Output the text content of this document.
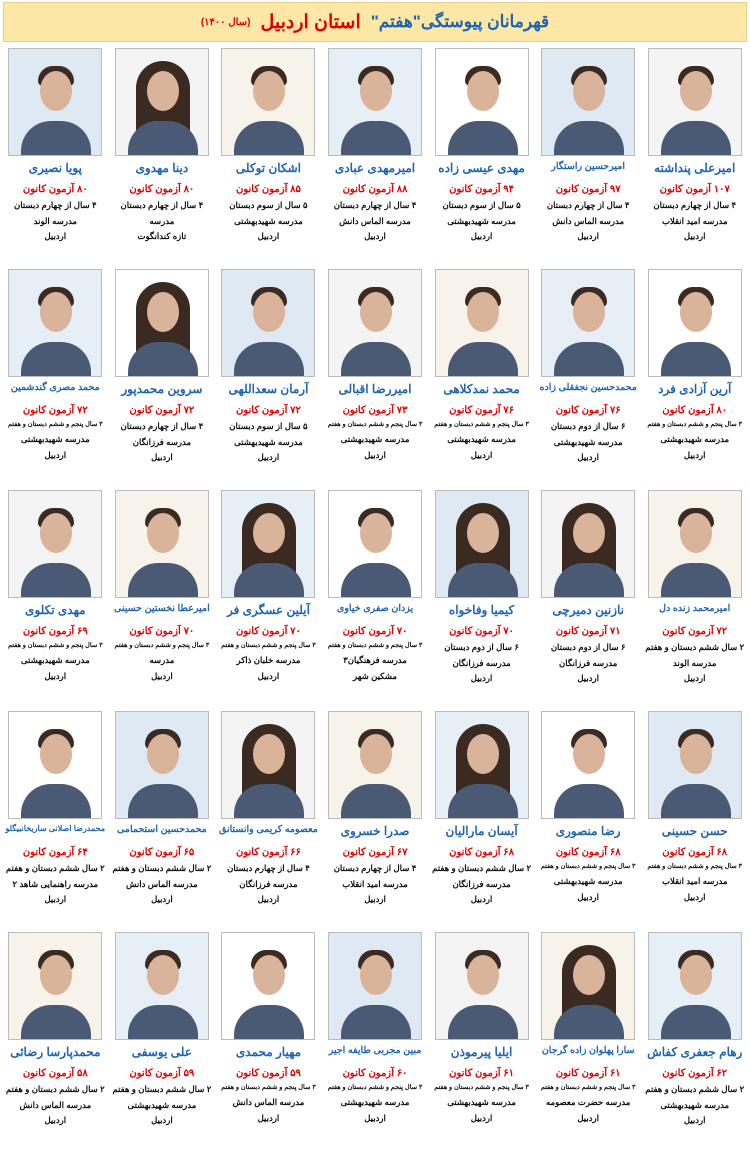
قهرمانان پیوستگی"هفتم"
استان اردبیل
(سال ۱۴۰۰)
امیرعلی پنداشته
۱۰۷ آزمون کانون
۴ سال از چهارم دبستان
مدرسه امید انقلاب
اردبیل
امیرحسین راستگار
۹۷ آزمون کانون
۴ سال از چهارم دبستان
مدرسه الماس دانش
اردبیل
مهدی عیسی زاده
۹۴ آزمون کانون
۵ سال از سوم دبستان
مدرسه شهیدبهشتی
اردبیل
امیرمهدی عبادی
۸۸ آزمون کانون
۴ سال از چهارم دبستان
مدرسه الماس دانش
اردبیل
اشکان توکلی
۸۵ آزمون کانون
۵ سال از سوم دبستان
مدرسه شهیدبهشتی
اردبیل
دینا مهدوی
۸۰ آزمون کانون
۴ سال از چهارم دبستان
مدرسه
تازه کندانگوت
پویا نصیری
۸۰ آزمون کانون
۴ سال از چهارم دبستان
مدرسه الوند
اردبیل
آرین آزادی فرد
۸۰ آزمون کانون
۳ سال پنجم و ششم دبستان و هفتم
مدرسه شهیدبهشتی
اردبیل
محمدحسین نجفقلی زاده
۷۶ آزمون کانون
۶ سال از دوم دبستان
مدرسه شهیدبهشتی
اردبیل
محمد نمدکلاهی
۷۶ آزمون کانون
۳ سال پنجم و ششم دبستان و هفتم
مدرسه شهیدبهشتی
اردبیل
امیررضا اقبالی
۷۳ آزمون کانون
۳ سال پنجم و ششم دبستان و هفتم
مدرسه شهیدبهشتی
اردبیل
آرمان سعداللهی
۷۲ آزمون کانون
۵ سال از سوم دبستان
مدرسه شهیدبهشتی
اردبیل
سروین محمدپور
۷۲ آزمون کانون
۴ سال از چهارم دبستان
مدرسه فرزانگان
اردبیل
محمد مصری گندشمین
۷۲ آزمون کانون
۳ سال پنجم و ششم دبستان و هفتم
مدرسه شهیدبهشتی
اردبیل
امیرمحمد زنده دل
۷۲ آزمون کانون
۲ سال ششم دبستان و هفتم
مدرسه الوند
اردبیل
نازنین دمیرچی
۷۱ آزمون کانون
۶ سال از دوم دبستان
مدرسه فرزانگان
اردبیل
کیمیا وفاخواه
۷۰ آزمون کانون
۶ سال از دوم دبستان
مدرسه فرزانگان
اردبیل
یزدان صفری خیاوی
۷۰ آزمون کانون
۳ سال پنجم و ششم دبستان و هفتم
مدرسه فرهنگیان۳
مشکین شهر
آیلین عسگری فر
۷۰ آزمون کانون
۳ سال پنجم و ششم دبستان و هفتم
مدرسه خلبان ذاکر
اردبیل
امیرعطا نخستین حسینی
۷۰ آزمون کانون
۳ سال پنجم و ششم دبستان و هفتم
مدرسه
اردبیل
مهدی تکلوی
۶۹ آزمون کانون
۳ سال پنجم و ششم دبستان و هفتم
مدرسه شهیدبهشتی
اردبیل
حسن حسینی
۶۸ آزمون کانون
۳ سال پنجم و ششم دبستان و هفتم
مدرسه امید انقلاب
اردبیل
رضا منصوری
۶۸ آزمون کانون
۳ سال پنجم و ششم دبستان و هفتم
مدرسه شهیدبهشتی
اردبیل
آیسان مارالیان
۶۸ آزمون کانون
۲ سال ششم دبستان و هفتم
مدرسه فرزانگان
اردبیل
صدرا خسروی
۶۷ آزمون کانون
۴ سال از چهارم دبستان
مدرسه امید انقلاب
اردبیل
معصومه کریمی وانستانق
۶۶ آزمون کانون
۴ سال از چهارم دبستان
مدرسه فرزانگان
اردبیل
محمدحسین استحمامی
۶۵ آزمون کانون
۲ سال ششم دبستان و هفتم
مدرسه الماس دانش
اردبیل
محمدرضا اصلانی ساریخانبیگلو
۶۴ آزمون کانون
۲ سال ششم دبستان و هفتم
مدرسه راهنمایی شاهد ۲
اردبیل
رهام جعفری کفاش
۶۲ آزمون کانون
۲ سال ششم دبستان و هفتم
مدرسه شهیدبهشتی
اردبیل
سارا پهلوان زاده گرجان
۶۱ آزمون کانون
۳ سال پنجم و ششم دبستان و هفتم
مدرسه حضرت معصومه
اردبیل
ایلیا پیرموذن
۶۱ آزمون کانون
۳ سال پنجم و ششم دبستان و هفتم
مدرسه شهیدبهشتی
اردبیل
مبین مجربی طایفه اجیر
۶۰ آزمون کانون
۳ سال پنجم و ششم دبستان و هفتم
مدرسه شهیدبهشتی
اردبیل
مهیار محمدی
۵۹ آزمون کانون
۳ سال پنجم و ششم دبستان و هفتم
مدرسه الماس دانش
اردبیل
علی یوسفی
۵۹ آزمون کانون
۲ سال ششم دبستان و هفتم
مدرسه شهیدبهشتی
اردبیل
محمدپارسا رضائی
۵۸ آزمون کانون
۲ سال ششم دبستان و هفتم
مدرسه الماس دانش
اردبیل
